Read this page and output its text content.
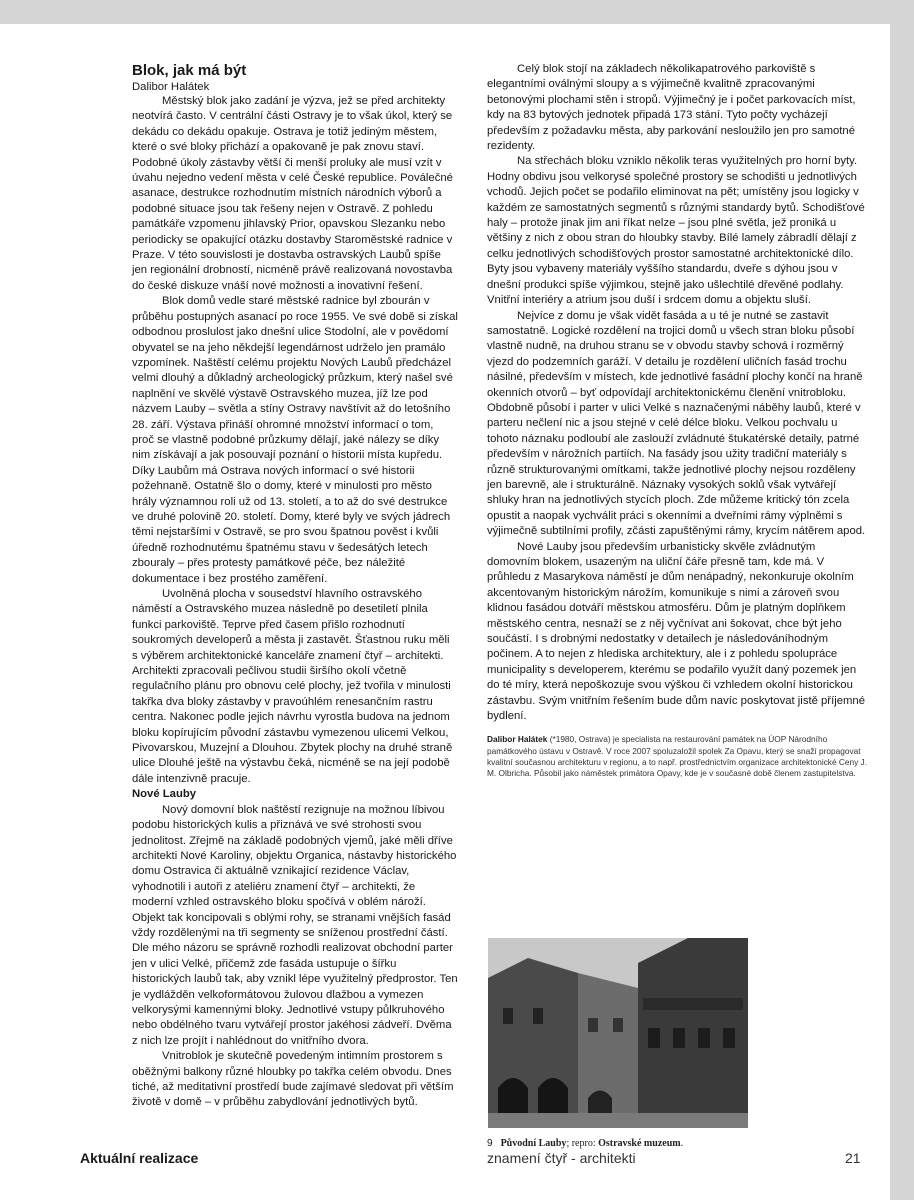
Blok, jak má být
Dalibor Halátek

Městský blok jako zadání je výzva, jež se před architekty neotvírá často. V centrální části Ostravy je to však úkol, který se dekádu co dekádu opakuje. Ostrava je totiž jediným městem, které o své bloky přichází a opakovaně je pak znovu staví. Podobné úkoly zástavby větší či menší proluky ale musí vzít v úvahu nejedno vedení města v celé České republice. Poválečné asanace, destrukce rozhodnutím místních národních výborů a podobné situace jsou tak řešeny nejen v Ostravě. Z pohledu památkáře vzpomenu jihlavský Prior, opavskou Slezanku nebo periodicky se opakující otázku dostavby Staroměstské radnice v Praze. V této souvislosti je dostavba ostravských Laubů spíše jen regionální drobností, nicméně právě realizovaná novostavba do české diskuze vnáší nové možnosti a inovativní řešení.

Blok domů vedle staré městské radnice byl zbourán v průběhu postupných asanací po roce 1955. Ve své době si získal odbodnou proslulost jako dnešní ulice Stodolní, ale v povědomí obyvatel se na jeho někdejší legendárnost udrželo jen pramálo vzpomínek. Naštěstí celému projektu Nových Laubů předcházel velmi dlouhý a důkladný archeologický průzkum, který našel své naplnění ve skvělé výstavě Ostravského muzea, jíž lze pod názvem Lauby – světla a stíny Ostravy navštívit až do letošního 28. září. Výstava přináší ohromné množství informací o tom, proč se vlastně podobné průzkumy dělají, jaké nálezy se díky nim získávají a jak posouvají poznání o historii místa kupředu. Díky Laubům má Ostrava nových informací o své historii požehnaně. Ostatně šlo o domy, které v minulosti pro město hrály významnou roli už od 13. století, a to až do své destrukce ve druhé polovině 20. století. Domy, které byly ve svých jádrech těmi nejstaršími v Ostravě, se pro svou špatnou pověst i kvůli úředně rozhodnutému špatnému stavu v šedesátých letech zbouraly – přes protesty památkové péče, bez náležité dokumentace i bez prostého zaměření.

Uvolněná plocha v sousedství hlavního ostravského náměstí a Ostravského muzea následně po desetiletí plnila funkci parkoviště. Teprve před časem přišlo rozhodnutí soukromých developerů a města ji zastavět. Šťastnou ruku měli s výběrem architektonické kanceláře znamení čtyř – architekti. Architekti zpracovali pečlivou studii širšího okolí včetně regulačního plánu pro obnovu celé plochy, jež tvořila v minulosti takřka dva bloky zástavby v pravoúhlém renesančním rastru centra. Nakonec podle jejich návrhu vyrostla budova na jednom bloku kopírujícím původní zástavbu vymezenou ulicemi Velkou, Pivovarskou, Muzejní a Dlouhou. Zbytek plochy na druhé straně ulice Dlouhé ještě na výstavbu čeká, nicméně se na její podobě dále intenzivně pracuje.

Nové Lauby

Nový domovní blok naštěstí rezignuje na možnou líbivou podobu historických kulis a přiznává ve své strohosti svou jednolitost. Zřejmě na základě podobných vjemů, jaké měli dříve architekti Nové Karoliny, objektu Organica, nástavby historického domu Ostravica či aktuálně vznikající rezidence Václav, vyhodnotili i autoři z ateliéru znamení čtyř – architekti, že moderní vzhled ostravského bloku spočívá v oblém nároží. Objekt tak koncipovali s oblými rohy, se stranami vnějších fasád vždy rozdělenými na tři segmenty se sníženou prostřední částí. Dle mého názoru se správně rozhodli realizovat obchodní parter jen v ulici Velké, přičemž zde fasáda ustupuje o šířku historických laubů tak, aby vznikl lépe využitelný předprostor. Ten je vydlážděn velkoformátovou žulovou dlažbou a vymezen velkorysými kamennými bloky. Jednotlivé vstupy půlkruhového nebo obdélného tvaru vytvářejí prostor jakéhosi zádveří. Dvěma z nich lze projít i nahlédnout do vnitřního dvora.

Vnitroblok je skutečně povedeným intimním prostorem s oběžnými balkony různé hloubky po takřka celém obvodu. Dnes tiché, až meditativní prostředí bude zajímavé sledovat při větším životě v domě – v průběhu zabydlování jednotlivých bytů.

Celý blok stojí na základech několikapatrového parkoviště s elegantními oválnými sloupy a s výjimečně kvalitně zpracovanými betonovými plochami stěn i stropů. Výjimečný je i počet parkovacích míst, kdy na 83 bytových jednotek připadá 173 stání. Tyto počty vycházejí především z požadavku města, aby parkování nesloužilo jen pro samotné rezidenty.

Na střechách bloku vzniklo několik teras využitelných pro horní byty. Hodny obdivu jsou velkorysé společné prostory se schodišti u jednotlivých vchodů. Jejich počet se podařilo eliminovat na pět; umístěny jsou logicky v každém ze samostatných segmentů s různými standardy bytů. Schodišťové haly – protože jinak jim ani říkat nelze – jsou plné světla, jež proniká u většiny z nich z obou stran do hloubky stavby. Bílé lamely zábradlí dělají z celku jednotlivých schodišťových prostor samostatné architektonické dílo. Byty jsou vybaveny materiály vyššího standardu, dveře s dýhou jsou v dnešní produkci spíše výjimkou, stejně jako ušlechtilé dřevěné podlahy. Vnitřní interiéry a atrium jsou duší i srdcem domu a objektu sluší.

Nejvíce z domu je však vidět fasáda a u té je nutné se zastavit samostatně. Logické rozdělení na trojici domů u všech stran bloku působí vlastně nudně, na druhou stranu se v obvodu stavby schová i rozměrný vjezd do podzemních garáží. V detailu je rozdělení uličních fasád trochu násilné, především v místech, kde jednotlivé fasádní plochy končí na hraně okenních otvorů – byť odpovídají architektonickému členění vnitrobloku. Obdobně působí i parter v ulici Velké s naznačenými náběhy laubů, které v parteru nečlení nic a jsou stejné v celé délce bloku. Velkou pochvalu u tohoto náznaku podloubí ale zaslouží zvládnuté štukatérské detaily, patrné především v nárožních partiích. Na fasády jsou užity tradiční materiály s různě strukturovanými omítkami, takže jednotlivé plochy nejsou rozděleny jen barevně, ale i strukturálně. Náznaky vysokých soklů však vytvářejí shluky hran na jednotlivých stycích ploch. Zde můžeme kritický tón zcela opustit a naopak vychválit práci s okenními a dveřními rámy výplněmi s výjimečně subtilními profily, zčásti zapuštěnými rámy, krycím nátěrem apod.

Nové Lauby jsou především urbanisticky skvěle zvládnutým domovním blokem, usazeným na uliční čáře přesně tam, kde má. V průhledu z Masarykova náměstí je dům nenápadný, nekonkuruje okolním akcentovaným historickým nárožím, komunikuje s nimi a zároveň svou klidnou fasádou dotváří městskou atmosféru. Dům je platným doplňkem městského centra, nesnaží se z něj vyčnívat ani šokovat, chce být jeho součástí. I s drobnými nedostatky v detailech je následováníhodným počinem. A to nejen z hlediska architektury, ale i z pohledu spolupráce municipality s developerem, kterému se podařilo využít daný pozemek jen do té míry, která nepoškozuje svou výškou či vzhledem okolní historickou zástavbu. Svým vnitřním řešením bude dům navíc poskytovat jistě příjemné bydlení.

Dalibor Halátek (*1980, Ostrava) je specialista na restaurování památek na ÚOP Národního památkového ústavu v Ostravě. V roce 2007 spoluzaložil spolek Za Opavu, který se snaží propagovat kvalitní současnou architekturu v regionu, a to např. prostřednictvím organizace architektonické Ceny J. M. Olbricha. Působil jako náměstek primátora Opavy, kde je v současné době členem zastupitelstva.
9 Původní Lauby; repro: Ostravské muzeum.
Aktuální realizace	znamení čtyř - architekti	21
